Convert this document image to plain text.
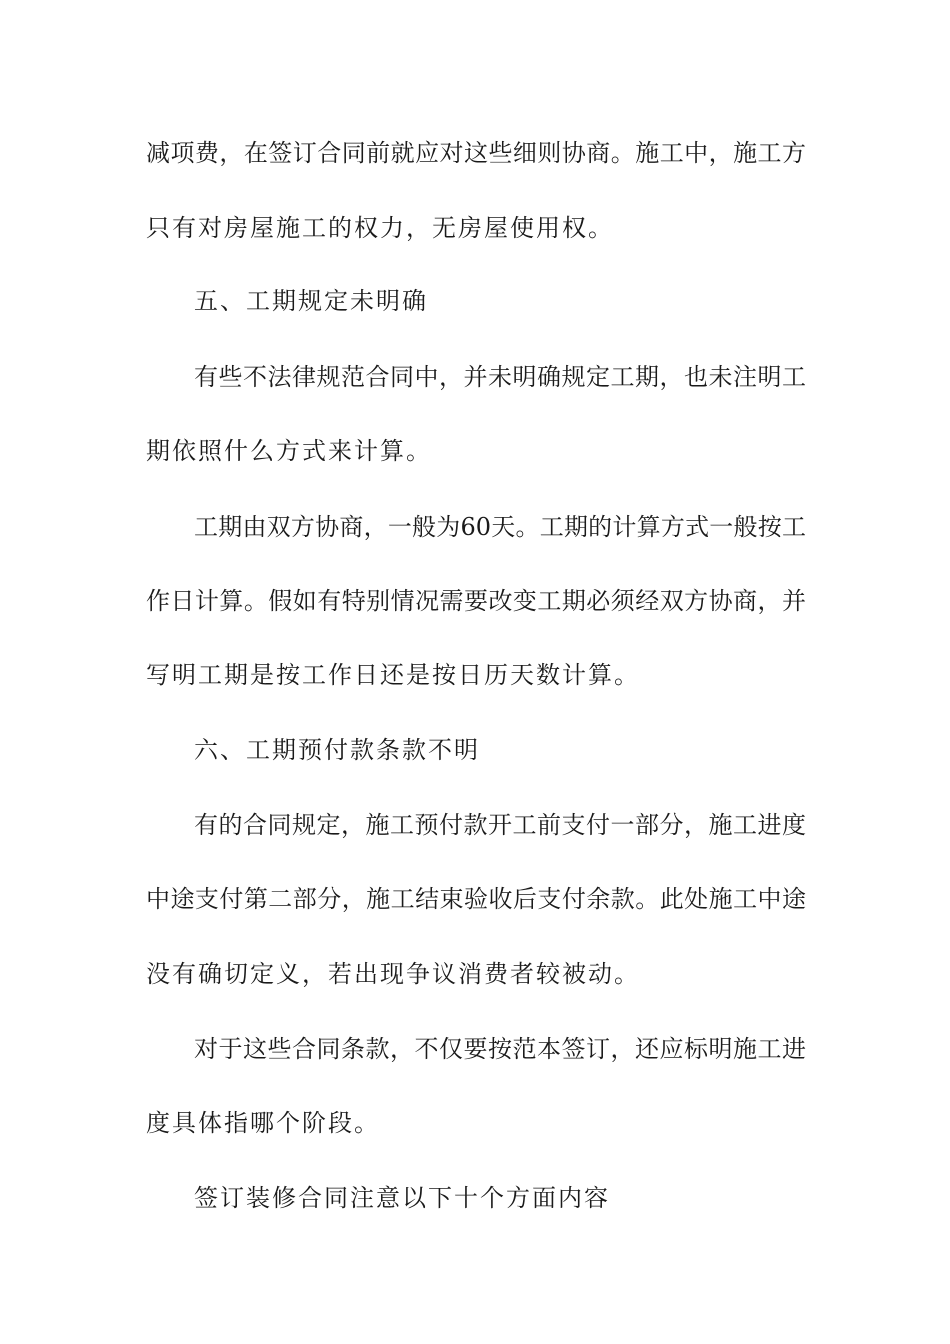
减项费，在签订合同前就应对这些细则协商。施工中，施工方
只有对房屋施工的权力，无房屋使用权。
五、工期规定未明确
有些不法律规范合同中，并未明确规定工期，也未注明工
期依照什么方式来计算。
工期由双方协商，一般为60天。工期的计算方式一般按工
作日计算。假如有特别情况需要改变工期必须经双方协商，并
写明工期是按工作日还是按日历天数计算。
六、工期预付款条款不明
有的合同规定，施工预付款开工前支付一部分，施工进度
中途支付第二部分，施工结束验收后支付余款。此处施工中途
没有确切定义，若出现争议消费者较被动。
对于这些合同条款，不仅要按范本签订，还应标明施工进
度具体指哪个阶段。
签订装修合同注意以下十个方面内容
